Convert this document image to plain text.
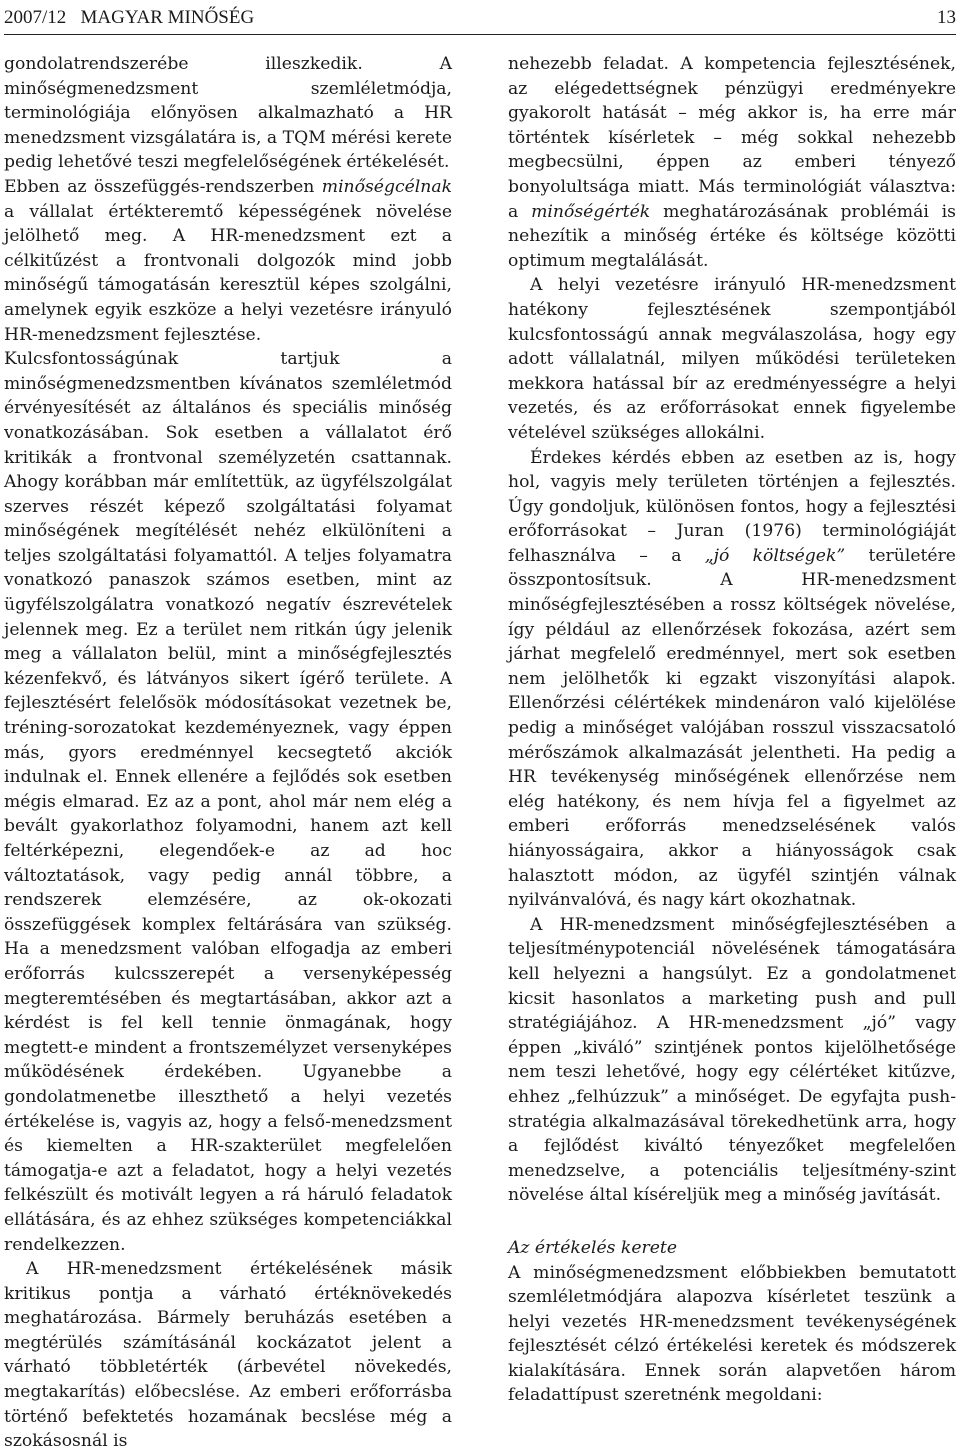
2007/12   MAGYAR MINŐSÉG	13

gondolatrendszerébe illeszkedik. A minőségmenedzsment szemléletmódja, terminológiája előnyösen alkalmazható a HR menedzsment vizsgálatára is, a TQM mérési kerete pedig lehetővé teszi megfelelőségének értékelését.

Ebben az összefüggés-rendszerben minőségcélnak a vállalat értékteremtő képességének növelése jelölhető meg. A HR-menedzsment ezt a célkitűzést a frontvonali dolgozók mind jobb minőségű támogatásán keresztül képes szolgálni, amelynek egyik eszköze a helyi vezetésre irányuló HR-menedzsment fejlesztése.

Kulcsfontosságúnak tartjuk a minőségmenedzsmentben kívánatos szemléletmód érvényesítését az általános és speciális minőség vonatkozásában. Sok esetben a vállalatot érő kritikák a frontvonal személyzetén csattannak. Ahogy korábban már említettük, az ügyfélszolgálat szerves részét képező szolgáltatási folyamat minőségének megítélését nehéz elkülöníteni a teljes szolgáltatási folyamattól. A teljes folyamatra vonatkozó panaszok számos esetben, mint az ügyfélszolgálatra vonatkozó negatív észrevételek jelennek meg. Ez a terület nem ritkán úgy jelenik meg a vállalaton belül, mint a minőségfejlesztés kézenfekvő, és látványos sikert ígérő területe. A fejlesztésért felelősök módosításokat vezetnek be, tréning-sorozatokat kezdeményeznek, vagy éppen más, gyors eredménnyel kecsegtető akciók indulnak el. Ennek ellenére a fejlődés sok esetben mégis elmarad. Ez az a pont, ahol már nem elég a bevált gyakorlathoz folyamodni, hanem azt kell feltérképezni, elegendőek-e az ad hoc változtatások, vagy pedig annál többre, a rendszerek elemzésére, az ok-okozati összefüggések komplex feltárására van szükség. Ha a menedzsment valóban elfogadja az emberi erőforrás kulcsszerepét a versenyképesség megteremtésében és megtartásában, akkor azt a kérdést is fel kell tennie önmagának, hogy megtett-e mindent a frontszemélyzet versenyképes működésének érdekében. Ugyanebbe a gondolatmenetbe illeszthető a helyi vezetés értékelése is, vagyis az, hogy a felső-menedzsment és kiemelten a HR-szakterület megfelelően támogatja-e azt a feladatot, hogy a helyi vezetés felkészült és motivált legyen a rá háruló feladatok ellátására, és az ehhez szükséges kompetenciákkal rendelkezzen.

A HR-menedzsment értékelésének másik kritikus pontja a várható értéknövekedés meghatározása. Bármely beruházás esetében a megtérülés számításánál kockázatot jelent a várható többletérték (árbevétel növekedés, megtakarítás) előbecslése. Az emberi erőforrásba történő befektetés hozamának becslése még a szokásosnál is

nehezebb feladat. A kompetencia fejlesztésének, az elégedettségnek pénzügyi eredményekre gyakorolt hatását – még akkor is, ha erre már történtek kísérletek – még sokkal nehezebb megbecsülni, éppen az emberi tényező bonyolultsága miatt. Más terminológiát választva: a minőségérték meghatározásának problémái is nehezítik a minőség értéke és költsége közötti optimum megtalálását.

A helyi vezetésre irányuló HR-menedzsment hatékony fejlesztésének szempontjából kulcsfontosságú annak megválaszolása, hogy egy adott vállalatnál, milyen működési területeken mekkora hatással bír az eredményességre a helyi vezetés, és az erőforrásokat ennek figyelembe vételével szükséges allokálni.

Érdekes kérdés ebben az esetben az is, hogy hol, vagyis mely területen történjen a fejlesztés. Úgy gondoljuk, különösen fontos, hogy a fejlesztési erőforrásokat – Juran (1976) terminológiáját felhasználva – a „jó költségek” területére összpontosítsuk. A HR-menedzsment minőségfejlesztésében a rossz költségek növelése, így például az ellenőrzések fokozása, azért sem járhat megfelelő eredménnyel, mert sok esetben nem jelölhetők ki egzakt viszonyítási alapok. Ellenőrzési célértékek mindenáron való kijelölése pedig a minőséget valójában rosszul visszacsatoló mérőszámok alkalmazását jelentheti. Ha pedig a HR tevékenység minőségének ellenőrzése nem elég hatékony, és nem hívja fel a figyelmet az emberi erőforrás menedzselésének valós hiányosságaira, akkor a hiányosságok csak halasztott módon, az ügyfél szintjén válnak nyilvánvalóvá, és nagy kárt okozhatnak.

A HR-menedzsment minőségfejlesztésében a teljesítménypotenciál növelésének támogatására kell helyezni a hangsúlyt. Ez a gondolatmenet kicsit hasonlatos a marketing push and pull stratégiájához. A HR-menedzsment „jó” vagy éppen „kiváló” szintjének pontos kijelölhetősége nem teszi lehetővé, hogy egy célértéket kitűzve, ehhez „felhúzzuk” a minőséget. De egyfajta push-stratégia alkalmazásával törekedhetünk arra, hogy a fejlődést kiváltó tényezőket megfelelően menedzselve, a potenciális teljesítmény-szint növelése által kíséreljük meg a minőség javítását.

Az értékelés kerete

A minőségmenedzsment előbbiekben bemutatott szemléletmódjára alapozva kísérletet teszünk a helyi vezetés HR-menedzsment tevékenységének fejlesztését célzó értékelési keretek és módszerek kialakítására. Ennek során alapvetően három feladattípust szeretnénk megoldani:
